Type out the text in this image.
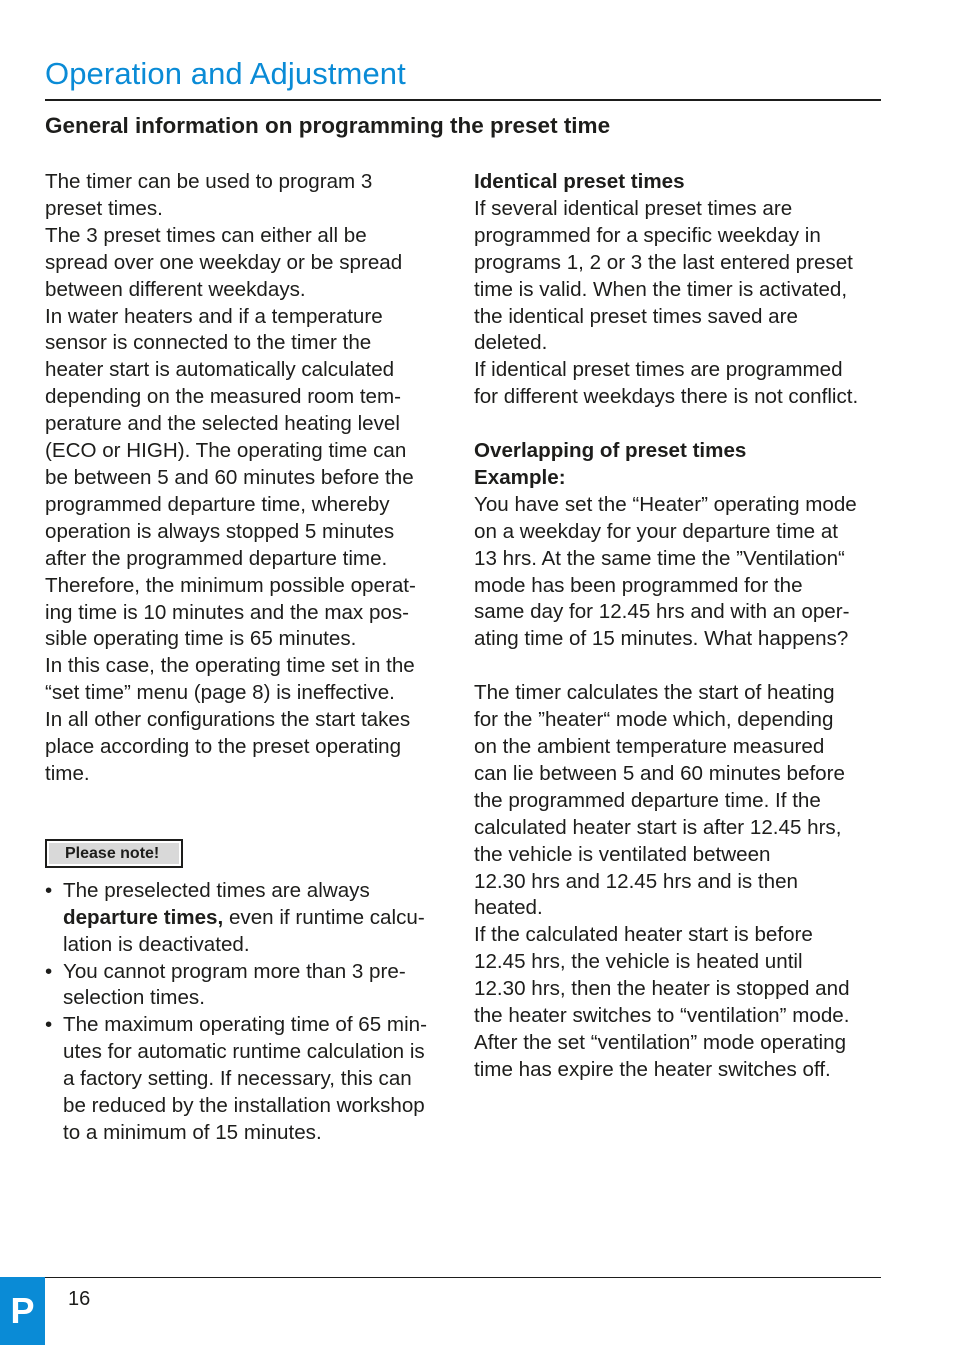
Operation and Adjustment
General information on programming the preset time

The timer can be used to program 3

preset times.

The 3 preset times can either all be

spread over one weekday or be spread

between different weekdays.

In water heaters and if a temperature

sensor is connected to the timer the

heater start is automatically calculated

depending on the measured room tem-

perature and the selected heating level

(ECO or HIGH). The operating time can

be between 5 and 60 minutes before the

programmed departure time, whereby

operation is always stopped 5 minutes

after the programmed departure time.

Therefore, the minimum possible operat-

ing time is 10 minutes and the max pos-

sible operating time is 65 minutes.

In this case, the operating time set in the

“set time” menu (page 8) is ineffective.

In all other configurations the start takes

place according to the preset operating

time.

Please note!

• The preselected times are always

departure times, even if runtime calcu-

lation is deactivated.

• You cannot program more than 3 pre-

selection times.

• The maximum operating time of 65 min-

utes for automatic runtime calculation is

a factory setting. If necessary, this can

be reduced by the installation workshop

to a minimum of 15 minutes.

Identical preset times

If several identical preset times are

programmed for a specific weekday in

programs 1, 2 or 3 the last entered preset

time is valid. When the timer is activated,

the identical preset times saved are

deleted.

If identical preset times are programmed

for different weekdays there is not conflict.

Overlapping of preset times

Example:

You have set the “Heater” operating mode

on a weekday for your departure time at

13 hrs. At the same time the ”Ventilation“

mode has been programmed for the

same day for 12.45 hrs and with an oper-

ating time of 15 minutes. What happens?

The timer calculates the start of heating

for the ”heater“ mode which, depending

on the ambient temperature measured

can lie between 5 and 60 minutes before

the programmed departure time. If the

calculated heater start is after 12.45 hrs,

the vehicle is ventilated between

12.30 hrs and 12.45 hrs and is then

heated.

If the calculated heater start is before

12.45 hrs, the vehicle is heated until

12.30 hrs, then the heater is stopped and

the heater switches to “ventilation” mode.

After the set “ventilation” mode operating

time has expire the heater switches off.

16
P
